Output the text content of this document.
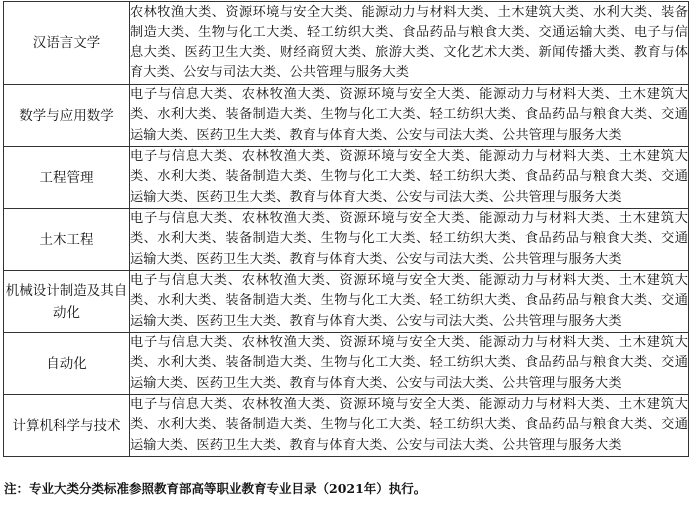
汉语言文学	农林牧渔大类、资源环境与安全大类、能源动力与材料大类、土木建筑大类、水利大类、装备制造大类、生物与化工大类、轻工纺织大类、食品药品与粮食大类、交通运输大类、电子与信息大类、医药卫生大类、财经商贸大类、旅游大类、文化艺术大类、新闻传播大类、教育与体育大类、公安与司法大类、公共管理与服务大类
数学与应用数学	电子与信息大类、农林牧渔大类、资源环境与安全大类、能源动力与材料大类、土木建筑大类、水利大类、装备制造大类、生物与化工大类、轻工纺织大类、食品药品与粮食大类、交通运输大类、医药卫生大类、教育与体育大类、公安与司法大类、公共管理与服务大类
工程管理	电子与信息大类、农林牧渔大类、资源环境与安全大类、能源动力与材料大类、土木建筑大类、水利大类、装备制造大类、生物与化工大类、轻工纺织大类、食品药品与粮食大类、交通运输大类、医药卫生大类、教育与体育大类、公安与司法大类、公共管理与服务大类
土木工程	电子与信息大类、农林牧渔大类、资源环境与安全大类、能源动力与材料大类、土木建筑大类、水利大类、装备制造大类、生物与化工大类、轻工纺织大类、食品药品与粮食大类、交通运输大类、医药卫生大类、教育与体育大类、公安与司法大类、公共管理与服务大类
机械设计制造及其自动化	电子与信息大类、农林牧渔大类、资源环境与安全大类、能源动力与材料大类、土木建筑大类、水利大类、装备制造大类、生物与化工大类、轻工纺织大类、食品药品与粮食大类、交通运输大类、医药卫生大类、教育与体育大类、公安与司法大类、公共管理与服务大类
自动化	电子与信息大类、农林牧渔大类、资源环境与安全大类、能源动力与材料大类、土木建筑大类、水利大类、装备制造大类、生物与化工大类、轻工纺织大类、食品药品与粮食大类、交通运输大类、医药卫生大类、教育与体育大类、公安与司法大类、公共管理与服务大类
计算机科学与技术	电子与信息大类、农林牧渔大类、资源环境与安全大类、能源动力与材料大类、土木建筑大类、水利大类、装备制造大类、生物与化工大类、轻工纺织大类、食品药品与粮食大类、交通运输大类、医药卫生大类、教育与体育大类、公安与司法大类、公共管理与服务大类
注：专业大类分类标准参照教育部高等职业教育专业目录（2021年）执行。
